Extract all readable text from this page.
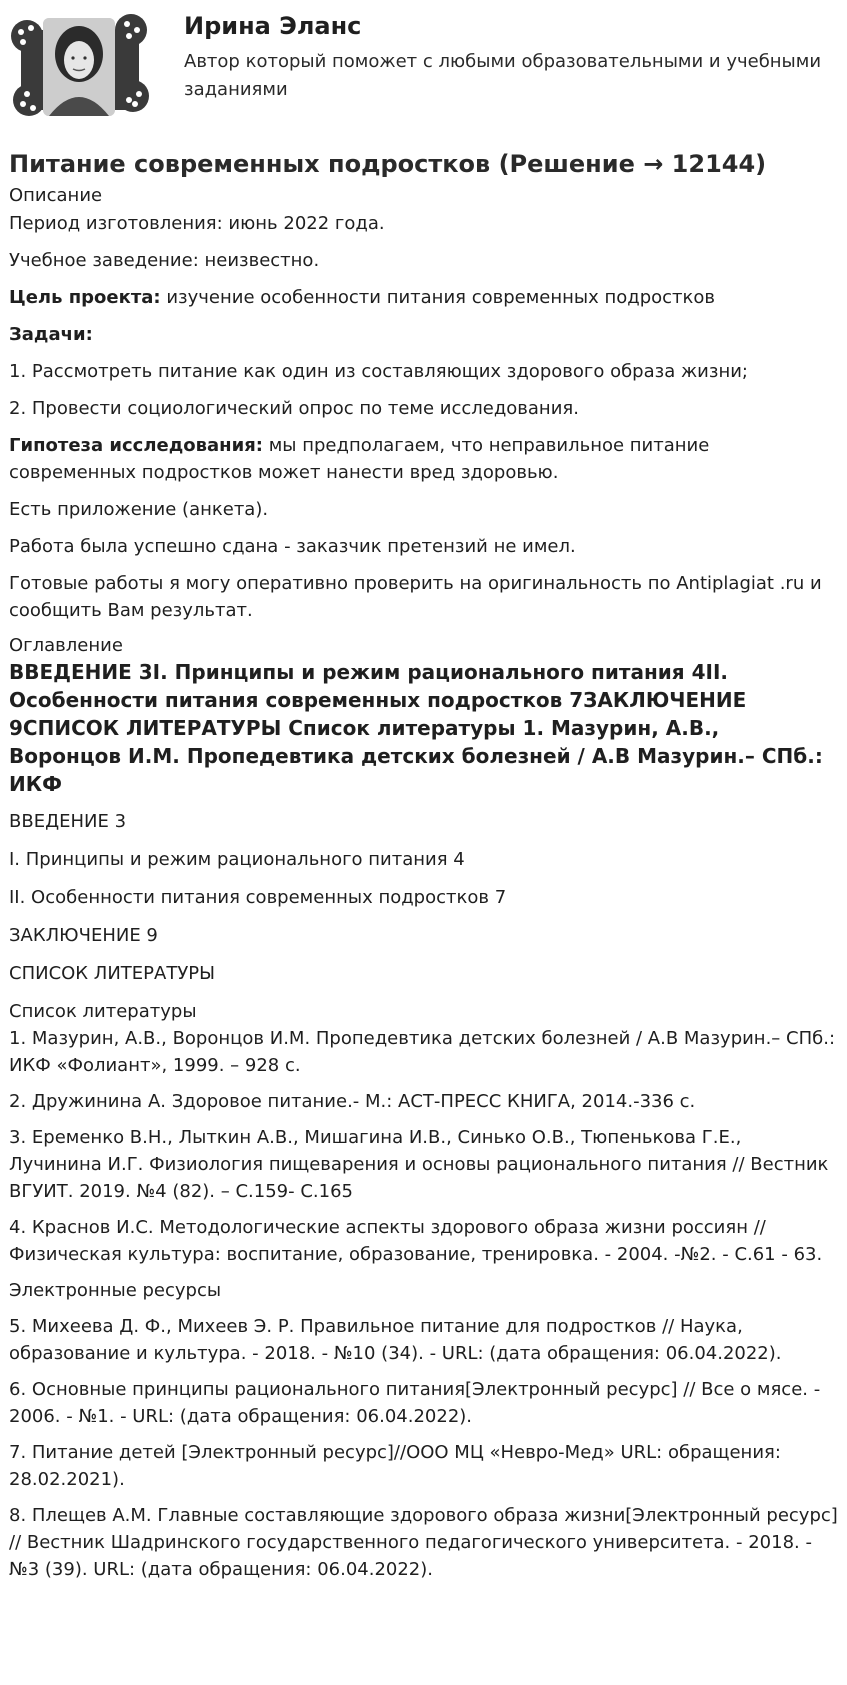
Ирина Эланс
Автор который поможет с любыми образовательными и учебными заданиями
Питание современных подростков (Решение → 12144)
Описание

Период изготовления: июнь 2022 года.

Учебное заведение: неизвестно.

Цель проекта: изучение особенности питания современных подростков

Задачи:

1. Рассмотреть питание как один из составляющих здорового образа жизни;

2. Провести социологический опрос по теме исследования.

Гипотеза исследования: мы предполагаем, что неправильное питание современных подростков может нанести вред здоровью.

Есть приложение (анкета).

Работа была успешно сдана - заказчик претензий не имел.

Готовые работы я могу оперативно проверить на оригинальность по Antiplagiat .ru и сообщить Вам результат.

Оглавление
ВВЕДЕНИЕ 3I. Принципы и режим рационального питания 4II. Особенности питания современных подростков 7ЗАКЛЮЧЕНИЕ 9СПИСОК ЛИТЕРАТУРЫ Список литературы 1. Мазурин, А.В., Воронцов И.М. Пропедевтика детских болезней / А.В Мазурин.– СПб.: ИКФ

ВВЕДЕНИЕ 3

I. Принципы и режим рационального питания 4

II. Особенности питания современных подростков 7

ЗАКЛЮЧЕНИЕ 9

СПИСОК ЛИТЕРАТУРЫ

Список литературы

1. Мазурин, А.В., Воронцов И.М. Пропедевтика детских болезней / А.В Мазурин.– СПб.: ИКФ «Фолиант», 1999. – 928 с.

2. Дружинина А. Здоровое питание.- М.: АСТ-ПРЕСС КНИГА, 2014.-336 с.

3. Еременко В.Н., Лыткин А.В., Мишагина И.В., Синько О.В., Тюпенькова Г.Е., Лучинина И.Г. Физиология пищеварения и основы рационального питания // Вестник ВГУИТ. 2019. №4 (82). – С.159- С.165

4. Краснов И.С. Методологические аспекты здорового образа жизни россиян // Физическая культура: воспитание, образование, тренировка. - 2004. -№2. - С.61 - 63.

Электронные ресурсы

5. Михеева Д. Ф., Михеев Э. Р. Правильное питание для подростков // Наука, образование и культура. - 2018. - №10 (34). - URL: (дата обращения: 06.04.2022).

6. Основные принципы рационального питания[Электронный ресурс] // Все о мясе. - 2006. - №1. - URL: (дата обращения: 06.04.2022).

7. Питание детей [Электронный ресурс]//ООО МЦ «Невро-Мед» URL: обращения: 28.02.2021).

8. Плещев А.М. Главные составляющие здорового образа жизни[Электронный ресурс] // Вестник Шадринского государственного педагогического университета. - 2018. - №3 (39). URL: (дата обращения: 06.04.2022).
